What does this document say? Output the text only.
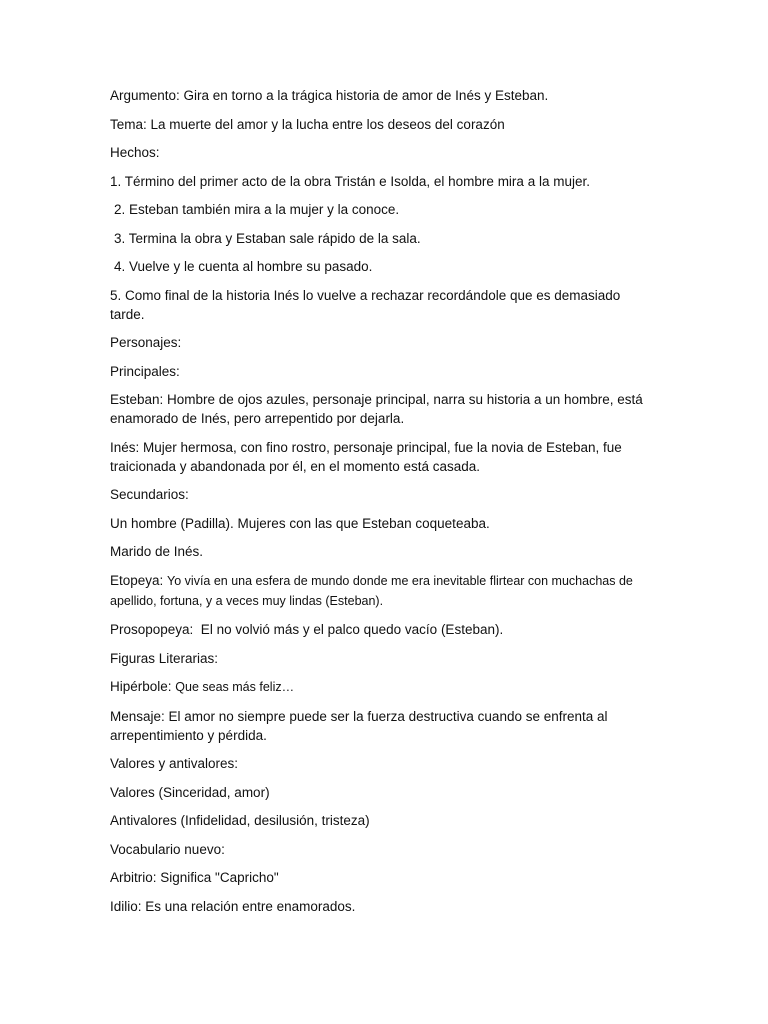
Argumento: Gira en torno a la trágica historia de amor de Inés y Esteban.

Tema: La muerte del amor y la lucha entre los deseos del corazón

Hechos:

1. Término del primer acto de la obra Tristán e Isolda, el hombre mira a la mujer.

2. Esteban también mira a la mujer y la conoce.

3. Termina la obra y Estaban sale rápido de la sala.

4. Vuelve y le cuenta al hombre su pasado.

5. Como final de la historia Inés lo vuelve a rechazar recordándole que es demasiado tarde.

Personajes:

Principales:

Esteban: Hombre de ojos azules, personaje principal, narra su historia a un hombre, está enamorado de Inés, pero arrepentido por dejarla.

Inés: Mujer hermosa, con fino rostro, personaje principal, fue la novia de Esteban, fue traicionada y abandonada por él, en el momento está casada.

Secundarios:

Un hombre (Padilla). Mujeres con las que Esteban coqueteaba.

Marido de Inés.

Etopeya: Yo vivía en una esfera de mundo donde me era inevitable flirtear con muchachas de apellido, fortuna, y a veces muy lindas (Esteban).

Prosopopeya:  El no volvió más y el palco quedo vacío (Esteban).

Figuras Literarias:

Hipérbole: Que seas más feliz…

Mensaje: El amor no siempre puede ser la fuerza destructiva cuando se enfrenta al arrepentimiento y pérdida.

Valores y antivalores:

Valores (Sinceridad, amor)

Antivalores (Infidelidad, desilusión, tristeza)

Vocabulario nuevo:

Arbitrio: Significa "Capricho"

Idilio: Es una relación entre enamorados.
